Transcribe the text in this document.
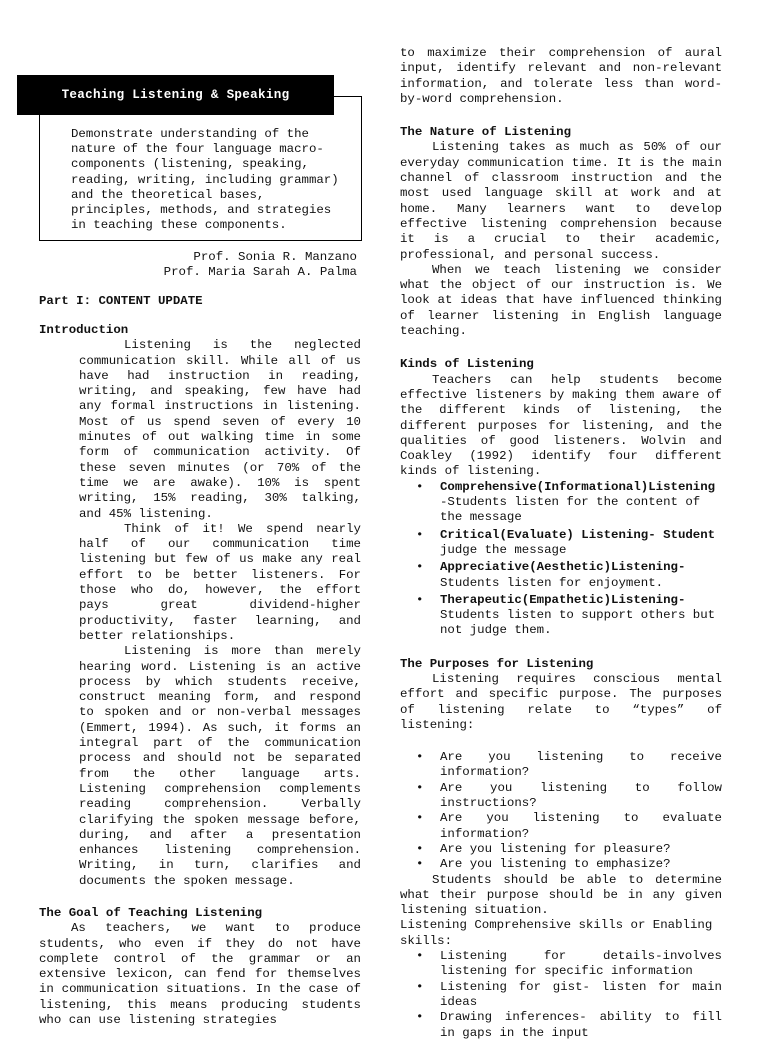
Teaching Listening & Speaking

Demonstrate understanding of the nature of the four language macro-components (listening, speaking, reading, writing, including grammar) and the theoretical bases, principles, methods, and strategies in teaching these components.

Prof. Sonia R. Manzano
Prof. Maria Sarah A. Palma
Part I: CONTENT UPDATE
Introduction

Listening is the neglected communication skill. While all of us have had instruction in reading, writing, and speaking, few have had any formal instructions in listening. Most of us spend seven of every 10 minutes of out walking time in some form of communication activity. Of these seven minutes (or 70% of the time we are awake). 10% is spent writing, 15% reading, 30% talking, and 45% listening.

Think of it! We spend nearly half of our communication time listening but few of us make any real effort to be better listeners. For those who do, however, the effort pays great dividend-higher productivity, faster learning, and better relationships.

Listening is more than merely hearing word. Listening is an active process by which students receive, construct meaning form, and respond to spoken and or non-verbal messages (Emmert, 1994). As such, it forms an integral part of the communication process and should not be separated from the other language arts. Listening comprehension complements reading comprehension. Verbally clarifying the spoken message before, during, and after a presentation enhances listening comprehension. Writing, in turn, clarifies and documents the spoken message.

The Goal of Teaching Listening

As teachers, we want to produce students, who even if they do not have complete control of the grammar or an extensive lexicon, can fend for themselves in communication situations. In the case of listening, this means producing students who can use listening strategies

to maximize their comprehension of aural input, identify relevant and non-relevant information, and tolerate less than word-by-word comprehension.

The Nature of Listening

Listening takes as much as 50% of our everyday communication time. It is the main channel of classroom instruction and the most used language skill at work and at home. Many learners want to develop effective listening comprehension because it is a crucial to their academic, professional, and personal success.

When we teach listening we consider what the object of our instruction is. We look at ideas that have influenced thinking of learner listening in English language teaching.

Kinds of Listening

Teachers can help students become effective listeners by making them aware of the different kinds of listening, the different purposes for listening, and the qualities of good listeners. Wolvin and Coakley (1992) identify four different kinds of listening.

• Comprehensive(Informational)Listening
-Students listen for the content of the message
• Critical(Evaluate) Listening- Student
judge the message
• Appreciative(Aesthetic)Listening-
Students listen for enjoyment.
• Therapeutic(Empathetic)Listening-
Students listen to support others but not judge them.
The Purposes for Listening

Listening requires conscious mental effort and specific purpose. The purposes of listening relate to “types” of listening:

• Are you listening to receive information?
• Are you listening to follow instructions?
• Are you listening to evaluate information?
• Are you listening for pleasure?
• Are you listening to emphasize?

Students should be able to determine what their purpose should be in any given listening situation.

Listening Comprehensive skills or Enabling skills:

• Listening for details-involves listening for specific information
• Listening for gist- listen for main ideas
• Drawing inferences- ability to fill in gaps in the input
